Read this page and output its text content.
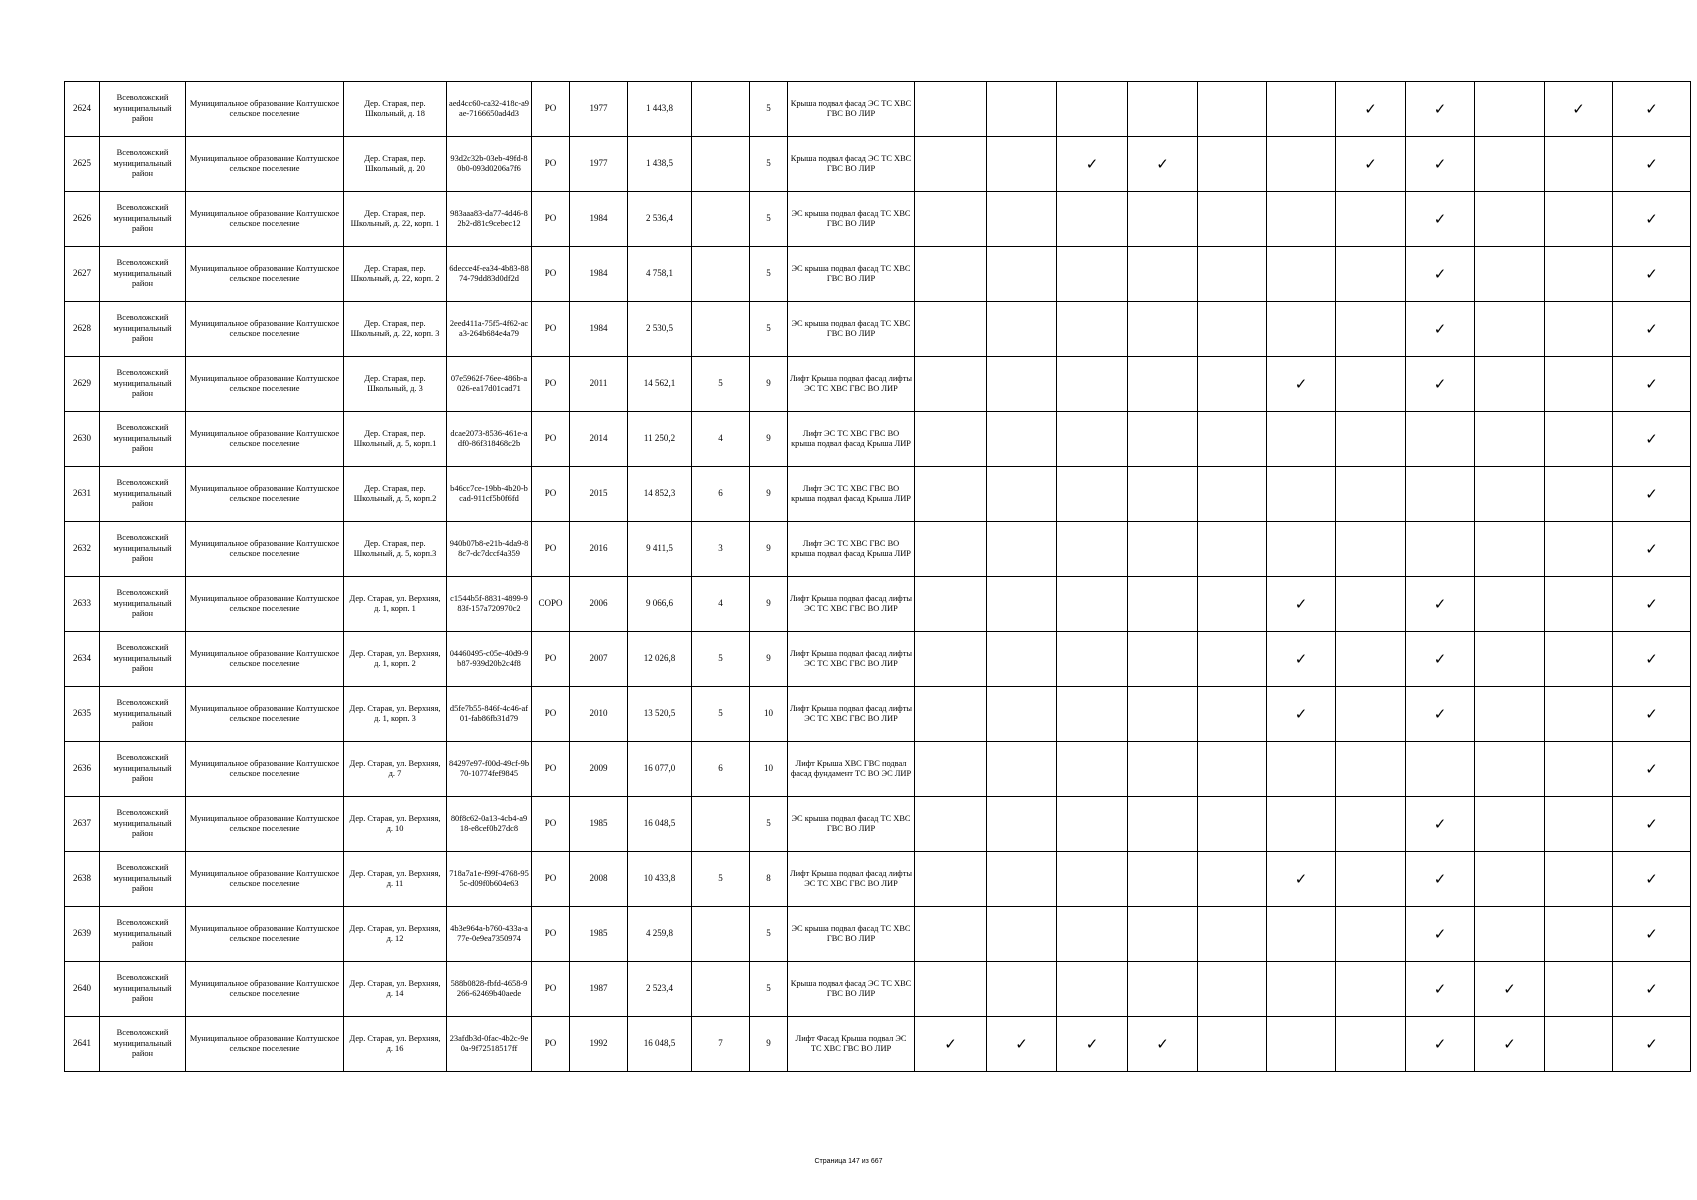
2624	Всеволожский муниципальный район	Муниципальное образование Колтушское сельское поселение	Дер. Старая, пер. Школьный, д. 18	aed4cc60-ca32-418c-a9ae-7166650ad4d3	РО	1977	1 443,8		5	Крыша подвал фасад ЭС ТС ХВС ГВС ВО ЛИР							✓	✓		✓	✓
2625	Всеволожский муниципальный район	Муниципальное образование Колтушское сельское поселение	Дер. Старая, пер. Школьный, д. 20	93d2c32b-03eb-49fd-80b0-093d0206a7f6	РО	1977	1 438,5		5	Крыша подвал фасад ЭС ТС ХВС ГВС ВО ЛИР			✓	✓			✓	✓			✓
2626	Всеволожский муниципальный район	Муниципальное образование Колтушское сельское поселение	Дер. Старая, пер. Школьный, д. 22, корп. 1	983aaa83-da77-4d46-82b2-d81c9cebec12	РО	1984	2 536,4		5	ЭС крыша подвал фасад ТС ХВС ГВС ВО ЛИР								✓			✓
2627	Всеволожский муниципальный район	Муниципальное образование Колтушское сельское поселение	Дер. Старая, пер. Школьный, д. 22, корп. 2	6decce4f-ea34-4b83-8874-79dd83d0df2d	РО	1984	4 758,1		5	ЭС крыша подвал фасад ТС ХВС ГВС ВО ЛИР								✓			✓
2628	Всеволожский муниципальный район	Муниципальное образование Колтушское сельское поселение	Дер. Старая, пер. Школьный, д. 22, корп. 3	2eed411a-75f5-4f62-aca3-264b684e4a79	РО	1984	2 530,5		5	ЭС крыша подвал фасад ТС ХВС ГВС ВО ЛИР								✓			✓
2629	Всеволожский муниципальный район	Муниципальное образование Колтушское сельское поселение	Дер. Старая, пер. Школьный, д. 3	07e5962f-76ee-486b-a026-ea17d01cad71	РО	2011	14 562,1	5	9	Лифт Крыша подвал фасад лифты ЭС ТС ХВС ГВС ВО ЛИР						✓		✓			✓
2630	Всеволожский муниципальный район	Муниципальное образование Колтушское сельское поселение	Дер. Старая, пер. Школьный, д. 5, корп.1	dcae2073-8536-461e-adf0-86f318468c2b	РО	2014	11 250,2	4	9	Лифт ЭС ТС ХВС ГВС ВО крыша подвал фасад Крыша ЛИР											✓
2631	Всеволожский муниципальный район	Муниципальное образование Колтушское сельское поселение	Дер. Старая, пер. Школьный, д. 5, корп.2	b46cc7ce-19bb-4b20-bcad-911cf5b0f6fd	РО	2015	14 852,3	6	9	Лифт ЭС ТС ХВС ГВС ВО крыша подвал фасад Крыша ЛИР											✓
2632	Всеволожский муниципальный район	Муниципальное образование Колтушское сельское поселение	Дер. Старая, пер. Школьный, д. 5, корп.3	940b07b8-e21b-4da9-88c7-dc7dccf4a359	РО	2016	9 411,5	3	9	Лифт ЭС ТС ХВС ГВС ВО крыша подвал фасад Крыша ЛИР											✓
2633	Всеволожский муниципальный район	Муниципальное образование Колтушское сельское поселение	Дер. Старая, ул. Верхняя, д. 1, корп. 1	c1544b5f-8831-4899-983f-157a720970c2	СОРО	2006	9 066,6	4	9	Лифт Крыша подвал фасад лифты ЭС ТС ХВС ГВС ВО ЛИР						✓		✓			✓
2634	Всеволожский муниципальный район	Муниципальное образование Колтушское сельское поселение	Дер. Старая, ул. Верхняя, д. 1, корп. 2	04460495-c05e-40d9-9b87-939d20b2c4f8	РО	2007	12 026,8	5	9	Лифт Крыша подвал фасад лифты ЭС ТС ХВС ГВС ВО ЛИР						✓		✓			✓
2635	Всеволожский муниципальный район	Муниципальное образование Колтушское сельское поселение	Дер. Старая, ул. Верхняя, д. 1, корп. 3	d5fe7b55-846f-4c46-af01-fab86fb31d79	РО	2010	13 520,5	5	10	Лифт Крыша подвал фасад лифты ЭС ТС ХВС ГВС ВО ЛИР						✓		✓			✓
2636	Всеволожский муниципальный район	Муниципальное образование Колтушское сельское поселение	Дер. Старая, ул. Верхняя, д. 7	84297e97-f00d-49cf-9b70-10774fef9845	РО	2009	16 077,0	6	10	Лифт Крыша ХВС ГВС подвал фасад фундамент ТС ВО ЭС ЛИР											✓
2637	Всеволожский муниципальный район	Муниципальное образование Колтушское сельское поселение	Дер. Старая, ул. Верхняя, д. 10	80f8c62-0a13-4cb4-a918-e8cef0b27dc8	РО	1985	16 048,5		5	ЭС крыша подвал фасад ТС ХВС ГВС ВО ЛИР								✓			✓
2638	Всеволожский муниципальный район	Муниципальное образование Колтушское сельское поселение	Дер. Старая, ул. Верхняя, д. 11	718a7a1e-f99f-4768-955c-d09f0b604e63	РО	2008	10 433,8	5	8	Лифт Крыша подвал фасад лифты ЭС ТС ХВС ГВС ВО ЛИР						✓		✓			✓
2639	Всеволожский муниципальный район	Муниципальное образование Колтушское сельское поселение	Дер. Старая, ул. Верхняя, д. 12	4b3e964a-b760-433a-a77e-0e9ea7350974	РО	1985	4 259,8		5	ЭС крыша подвал фасад ТС ХВС ГВС ВО ЛИР								✓			✓
2640	Всеволожский муниципальный район	Муниципальное образование Колтушское сельское поселение	Дер. Старая, ул. Верхняя, д. 14	588b0828-fbfd-4658-9266-62469b40aede	РО	1987	2 523,4		5	Крыша подвал фасад ЭС ТС ХВС ГВС ВО ЛИР								✓	✓		✓
2641	Всеволожский муниципальный район	Муниципальное образование Колтушское сельское поселение	Дер. Старая, ул. Верхняя, д. 16	23afdb3d-0fac-4b2c-9e0a-9f72518517ff	РО	1992	16 048,5	7	9	Лифт Фасад Крыша подвал ЭС ТС ХВС ГВС ВО ЛИР	✓	✓	✓	✓				✓	✓		✓
Страница 147 из 667
